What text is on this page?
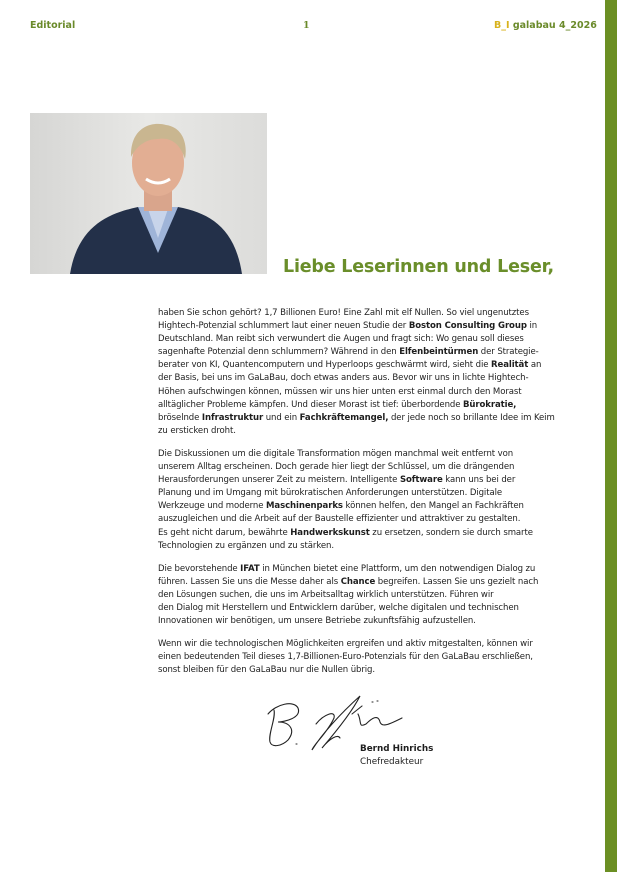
Editorial	1	B_I galabau 4_2026
Liebe Leserinnen und Leser,
haben Sie schon gehört? 1,7 Billionen Euro! Eine Zahl mit elf Nullen. So viel ungenutztes
Hightech-Potenzial schlummert laut einer neuen Studie der Boston Consulting Group in
Deutschland. Man reibt sich verwundert die Augen und fragt sich: Wo genau soll dieses
sagenhafte Potenzial denn schlummern? Während in den Elfenbeintürmen der Strategie-
berater von KI, Quantencomputern und Hyperloops geschwärmt wird, sieht die Realität an
der Basis, bei uns im GaLaBau, doch etwas anders aus. Bevor wir uns in lichte Hightech-
Höhen aufschwingen können, müssen wir uns hier unten erst einmal durch den Morast
alltäglicher Probleme kämpfen. Und dieser Morast ist tief: überbordende Bürokratie,
bröselnde Infrastruktur und ein Fachkräftemangel, der jede noch so brillante Idee im Keim
zu ersticken droht.
Die Diskussionen um die digitale Transformation mögen manchmal weit entfernt von
unserem Alltag erscheinen. Doch gerade hier liegt der Schlüssel, um die drängenden
Herausforderungen unserer Zeit zu meistern. Intelligente Software kann uns bei der
Planung und im Umgang mit bürokratischen Anforderungen unterstützen. Digitale
Werkzeuge und moderne Maschinenparks können helfen, den Mangel an Fachkräften
auszugleichen und die Arbeit auf der Baustelle effizienter und attraktiver zu gestalten.
Es geht nicht darum, bewährte Handwerkskunst zu ersetzen, sondern sie durch smarte
Technologien zu ergänzen und zu stärken.
Die bevorstehende IFAT in München bietet eine Plattform, um den notwendigen Dialog zu
führen. Lassen Sie uns die Messe daher als Chance begreifen. Lassen Sie uns gezielt nach
den Lösungen suchen, die uns im Arbeitsalltag wirklich unterstützen. Führen wir
den Dialog mit Herstellern und Entwicklern darüber, welche digitalen und technischen
Innovationen wir benötigen, um unsere Betriebe zukunftsfähig aufzustellen.
Wenn wir die technologischen Möglichkeiten ergreifen und aktiv mitgestalten, können wir
einen bedeutenden Teil dieses 1,7-Billionen-Euro-Potenzials für den GaLaBau erschließen,
sonst bleiben für den GaLaBau nur die Nullen übrig.
Bernd Hinrichs
Chefredakteur
